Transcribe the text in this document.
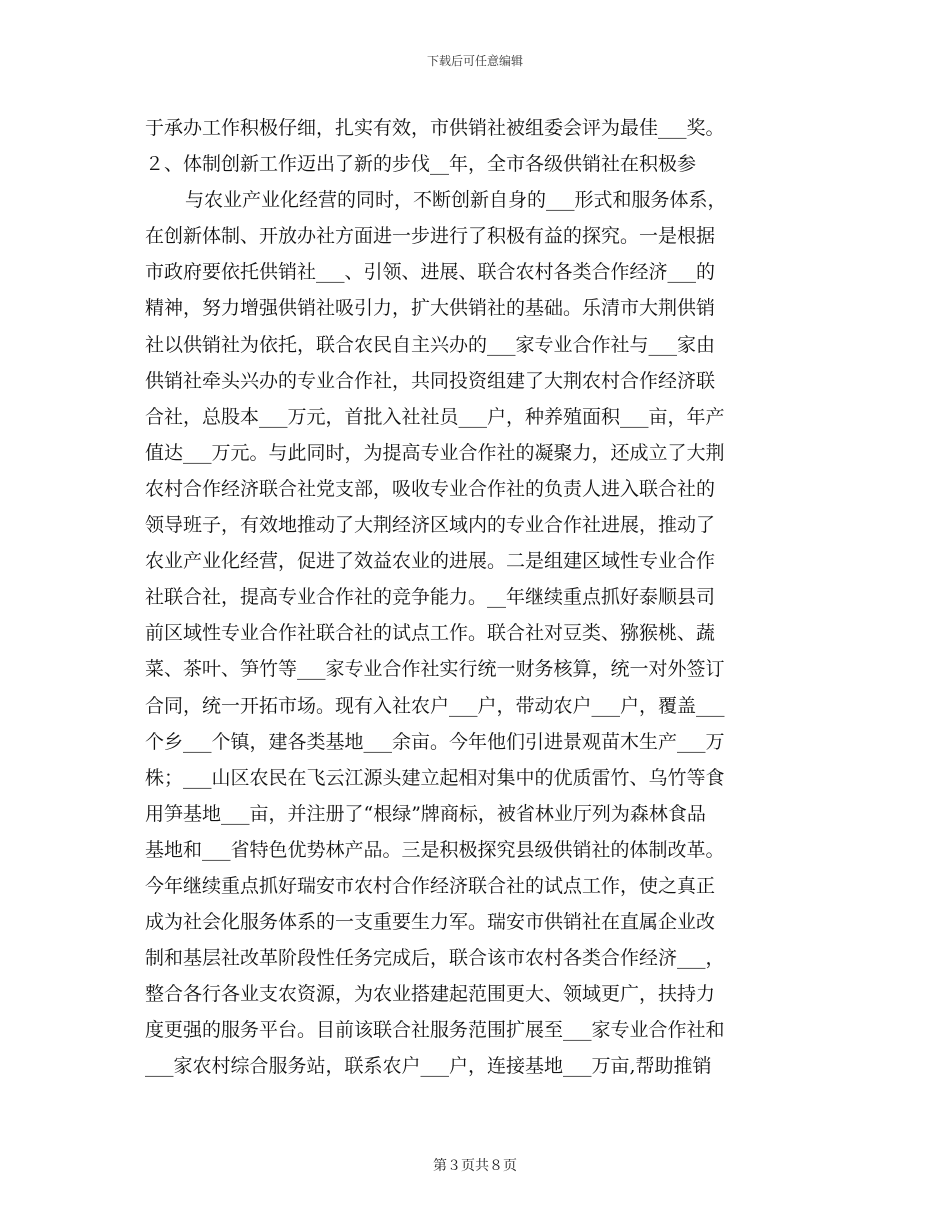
下载后可任意编辑
于承办工作积极仔细，扎实有效，市供销社被组委会评为最佳___奖。
２、体制创新工作迈出了新的步伐__年，全市各级供销社在积极参
与农业产业化经营的同时，不断创新自身的___形式和服务体系，
在创新体制、开放办社方面进一步进行了积极有益的探究。一是根据
市政府要依托供销社___、引领、进展、联合农村各类合作经济___的
精神，努力增强供销社吸引力，扩大供销社的基础。乐清市大荆供销
社以供销社为依托，联合农民自主兴办的___家专业合作社与___家由
供销社牵头兴办的专业合作社，共同投资组建了大荆农村合作经济联
合社，总股本___万元，首批入社社员___户，种养殖面积___亩，年产
值达___万元。与此同时，为提高专业合作社的凝聚力，还成立了大荆
农村合作经济联合社党支部，吸收专业合作社的负责人进入联合社的
领导班子，有效地推动了大荆经济区域内的专业合作社进展，推动了
农业产业化经营，促进了效益农业的进展。二是组建区域性专业合作
社联合社，提高专业合作社的竞争能力。__年继续重点抓好泰顺县司
前区域性专业合作社联合社的试点工作。联合社对豆类、猕猴桃、蔬
菜、茶叶、笋竹等___家专业合作社实行统一财务核算，统一对外签订
合同，统一开拓市场。现有入社农户___户，带动农户___户，覆盖___
个乡___个镇，建各类基地___余亩。今年他们引进景观苗木生产___万
株；___山区农民在飞云江源头建立起相对集中的优质雷竹、乌竹等食
用笋基地___亩，并注册了“根绿”牌商标，被省林业厅列为森林食品
基地和___省特色优势林产品。三是积极探究县级供销社的体制改革。
今年继续重点抓好瑞安市农村合作经济联合社的试点工作，使之真正
成为社会化服务体系的一支重要生力军。瑞安市供销社在直属企业改
制和基层社改革阶段性任务完成后，联合该市农村各类合作经济___，
整合各行各业支农资源，为农业搭建起范围更大、领域更广，扶持力
度更强的服务平台。目前该联合社服务范围扩展至___家专业合作社和
___家农村综合服务站，联系农户___户，连接基地___万亩,帮助推销
第３页共８页
